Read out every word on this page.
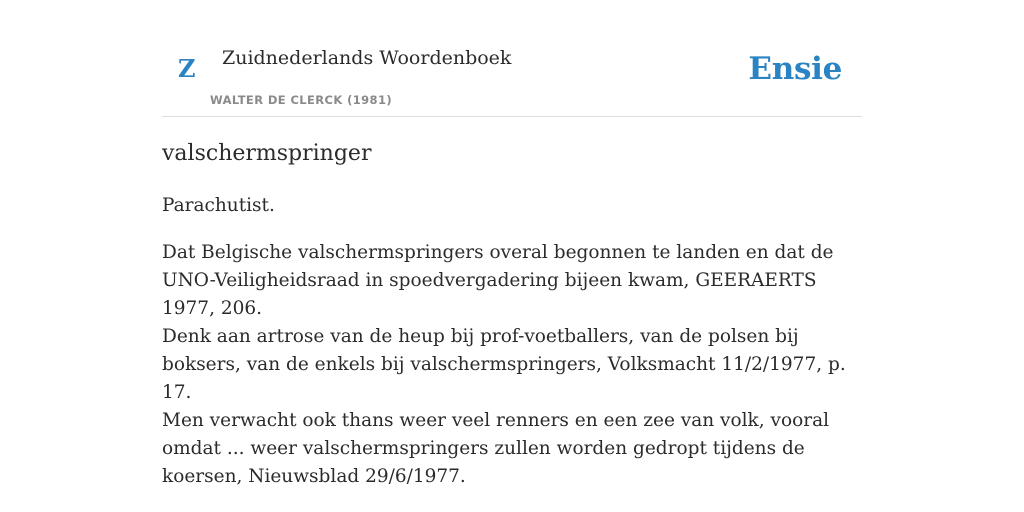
Z Zuidnederlands Woordenboek
WALTER DE CLERCK (1981)
Ensie
valschermspringer

Parachutist.

Dat Belgische valschermspringers overal begonnen te landen en dat de UNO-Veiligheidsraad in spoedvergadering bijeen kwam, GEERAERTS 1977, 206.

Denk aan artrose van de heup bij prof-voetballers, van de polsen bij boksers, van de enkels bij valschermspringers, Volksmacht 11/2/1977, p. 17.

Men verwacht ook thans weer veel renners en een zee van volk, vooral omdat ... weer valschermspringers zullen worden gedropt tijdens de koersen, Nieuwsblad 29/6/1977.
